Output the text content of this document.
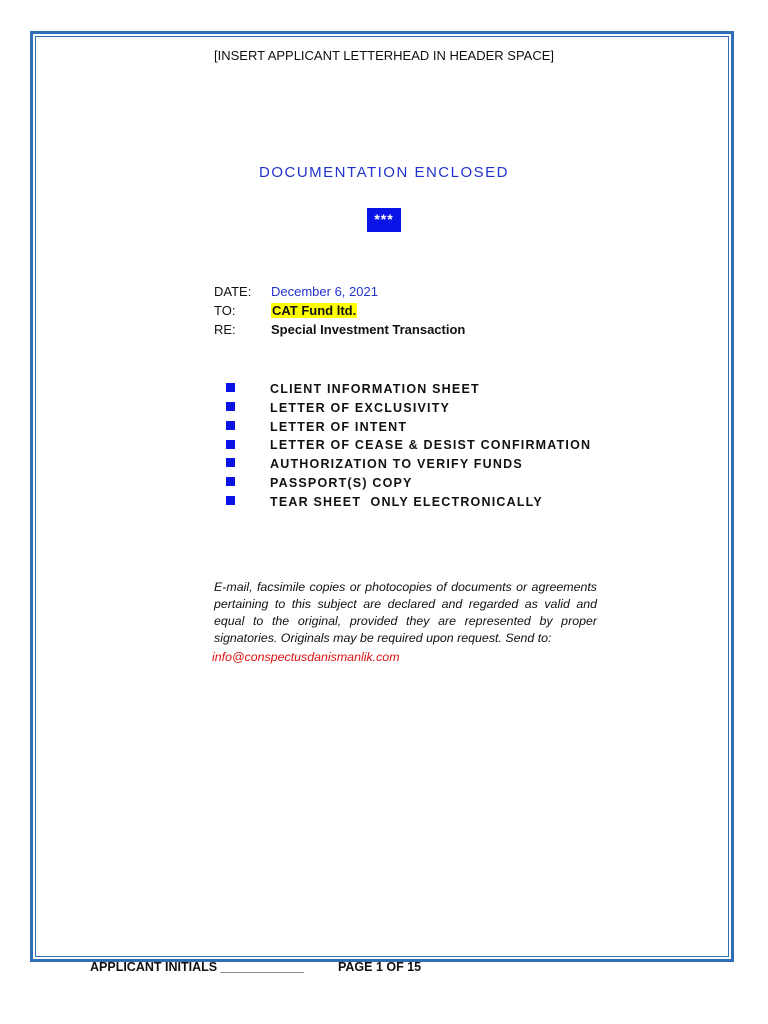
[INSERT APPLICANT LETTERHEAD IN HEADER SPACE]
DOCUMENTATION ENCLOSED
***
DATE: December 6, 2021
TO:	CAT Fund ltd.
RE:	Special Investment Transaction
CLIENT INFORMATION SHEET
LETTER OF EXCLUSIVITY
LETTER OF INTENT
LETTER OF CEASE & DESIST CONFIRMATION
AUTHORIZATION TO VERIFY FUNDS
PASSPORT(S) COPY
TEAR SHEET  ONLY ELECTRONICALLY

E-mail, facsimile copies or photocopies of documents or agreements pertaining to this subject are declared and regarded as valid and equal to the original, provided they are represented by proper signatories. Originals may be required upon request. Send to:

info@conspectusdanismanlik.com
APPLICANT INITIALS ____________	PAGE 1 OF 15
